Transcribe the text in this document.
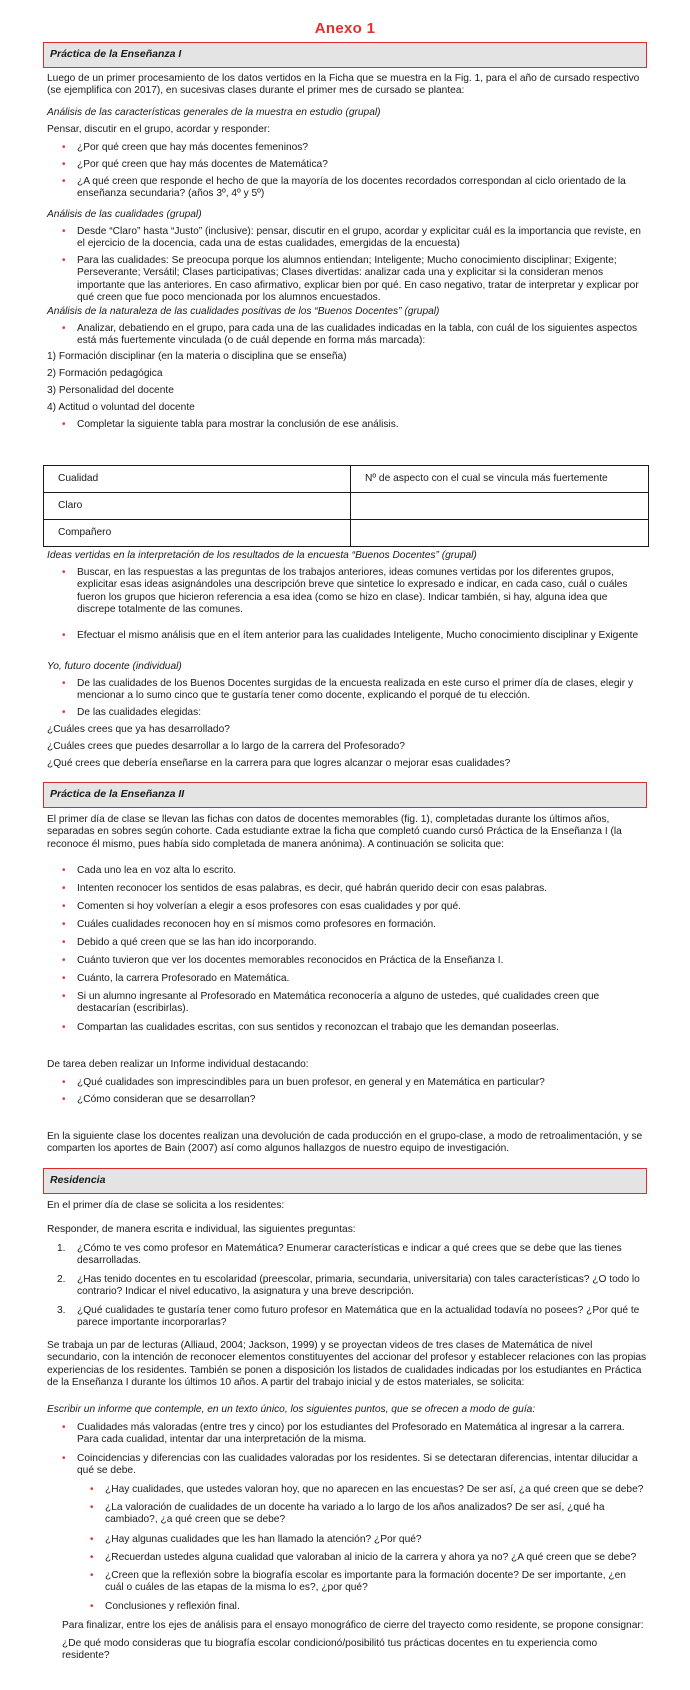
Anexo 1
Práctica de la Enseñanza I
Luego de un primer procesamiento de los datos vertidos en la Ficha que se muestra en la Fig. 1, para el año de cursado respectivo (se ejemplifica con 2017), en sucesivas clases durante el primer mes de cursado se plantea:
Análisis de las características generales de la muestra en estudio (grupal)
Pensar, discutir en el grupo, acordar y responder:
• ¿Por qué creen que hay más docentes femeninos?
• ¿Por qué creen que hay más docentes de Matemática?
• ¿A qué creen que responde el hecho de que la mayoría de los docentes recordados correspondan al ciclo orientado de la enseñanza secundaria? (años 3º, 4º y 5º)
Análisis de las cualidades (grupal)
• Desde “Claro” hasta “Justo” (inclusive): pensar, discutir en el grupo, acordar y explicitar cuál es la importancia que reviste, en el ejercicio de la docencia, cada una de estas cualidades, emergidas de la encuesta)
• Para las cualidades: Se preocupa porque los alumnos entiendan; Inteligente; Mucho conocimiento disciplinar; Exigente; Perseverante; Versátil; Clases participativas; Clases divertidas: analizar cada una y explicitar si la consideran menos importante que las anteriores. En caso afirmativo, explicar bien por qué. En caso negativo, tratar de interpretar y explicar por qué creen que fue poco mencionada por los alumnos encuestados.
Análisis de la naturaleza de las cualidades positivas de los “Buenos Docentes” (grupal)
• Analizar, debatiendo en el grupo, para cada una de las cualidades indicadas en la tabla, con cuál de los siguientes aspectos está más fuertemente vinculada (o de cuál depende en forma más marcada):
1) Formación disciplinar (en la materia o disciplina que se enseña)
2) Formación pedagógica
3) Personalidad del docente
4) Actitud o voluntad del docente
• Completar la siguiente tabla para mostrar la conclusión de ese análisis.
Cualidad	Nº de aspecto con el cual se vincula más fuertemente
Claro	
Compañero	
Ideas vertidas en la interpretación de los resultados de la encuesta “Buenos Docentes” (grupal)
• Buscar, en las respuestas a las preguntas de los trabajos anteriores, ideas comunes vertidas por los diferentes grupos, explicitar esas ideas asignándoles una descripción breve que sintetice lo expresado e indicar, en cada caso, cuál o cuáles fueron los grupos que hicieron referencia a esa idea (como se hizo en clase). Indicar también, si hay, alguna idea que discrepe totalmente de las comunes.
• Efectuar el mismo análisis que en el ítem anterior para las cualidades Inteligente, Mucho conocimiento disciplinar y Exigente
Yo, futuro docente (individual)
• De las cualidades de los Buenos Docentes surgidas de la encuesta realizada en este curso el primer día de clases, elegir y mencionar a lo sumo cinco que te gustaría tener como docente, explicando el porqué de tu elección.
• De las cualidades elegidas:
¿Cuáles crees que ya has desarrollado?
¿Cuáles crees que puedes desarrollar a lo largo de la carrera del Profesorado?
¿Qué crees que debería enseñarse en la carrera para que logres alcanzar o mejorar esas cualidades?
Práctica de la Enseñanza II
El primer día de clase se llevan las fichas con datos de docentes memorables (fig. 1), completadas durante los últimos años, separadas en sobres según cohorte. Cada estudiante extrae la ficha que completó cuando cursó Práctica de la Enseñanza I (la reconoce él mismo, pues había sido completada de manera anónima). A continuación se solicita que:
• Cada uno lea en voz alta lo escrito.
• Intenten reconocer los sentidos de esas palabras, es decir, qué habrán querido decir con esas palabras.
• Comenten si hoy volverían a elegir a esos profesores con esas cualidades y por qué.
• Cuáles cualidades reconocen hoy en sí mismos como profesores en formación.
• Debido a qué creen que se las han ido incorporando.
• Cuánto tuvieron que ver los docentes memorables reconocidos en Práctica de la Enseñanza I.
• Cuánto, la carrera Profesorado en Matemática.
• Si un alumno ingresante al Profesorado en Matemática reconocería a alguno de ustedes, qué cualidades creen que destacarían (escribirlas).
• Compartan las cualidades escritas, con sus sentidos y reconozcan el trabajo que les demandan poseerlas.
De tarea deben realizar un Informe individual destacando:
• ¿Qué cualidades son imprescindibles para un buen profesor, en general y en Matemática en particular?
• ¿Cómo consideran que se desarrollan?
En la siguiente clase los docentes realizan una devolución de cada producción en el grupo-clase, a modo de retroalimentación, y se comparten los aportes de Bain (2007) así como algunos hallazgos de nuestro equipo de investigación.
Residencia
En el primer día de clase se solicita a los residentes:
Responder, de manera escrita e individual, las siguientes preguntas:
1. ¿Cómo te ves como profesor en Matemática? Enumerar características e indicar a qué crees que se debe que las tienes desarrolladas.
2. ¿Has tenido docentes en tu escolaridad (preescolar, primaria, secundaria, universitaria) con tales características? ¿O todo lo contrario? Indicar el nivel educativo, la asignatura y una breve descripción.
3. ¿Qué cualidades te gustaría tener como futuro profesor en Matemática que en la actualidad todavía no posees? ¿Por qué te parece importante incorporarlas?
Se trabaja un par de lecturas (Alliaud, 2004; Jackson, 1999) y se proyectan videos de tres clases de Matemática de nivel secundario, con la intención de reconocer elementos constituyentes del accionar del profesor y establecer relaciones con las propias experiencias de los residentes. También se ponen a disposición los listados de cualidades indicadas por los estudiantes en Práctica de la Enseñanza I durante los últimos 10 años. A partir del trabajo inicial y de estos materiales, se solicita:
Escribir un informe que contemple, en un texto único, los siguientes puntos, que se ofrecen a modo de guía:
• Cualidades más valoradas (entre tres y cinco) por los estudiantes del Profesorado en Matemática al ingresar a la carrera. Para cada cualidad, intentar dar una interpretación de la misma.
• Coincidencias y diferencias con las cualidades valoradas por los residentes. Si se detectaran diferencias, intentar dilucidar a qué se debe.
• ¿Hay cualidades, que ustedes valoran hoy, que no aparecen en las encuestas? De ser así, ¿a qué creen que se debe?
• ¿La valoración de cualidades de un docente ha variado a lo largo de los años analizados? De ser así, ¿qué ha cambiado?, ¿a qué creen que se debe?
• ¿Hay algunas cualidades que les han llamado la atención? ¿Por qué?
• ¿Recuerdan ustedes alguna cualidad que valoraban al inicio de la carrera y ahora ya no? ¿A qué creen que se debe?
• ¿Creen que la reflexión sobre la biografía escolar es importante para la formación docente? De ser importante, ¿en cuál o cuáles de las etapas de la misma lo es?, ¿por qué?
• Conclusiones y reflexión final.
Para finalizar, entre los ejes de análisis para el ensayo monográfico de cierre del trayecto como residente, se propone consignar:
¿De qué modo consideras que tu biografía escolar condicionó/posibilitó tus prácticas docentes en tu experiencia como residente?
